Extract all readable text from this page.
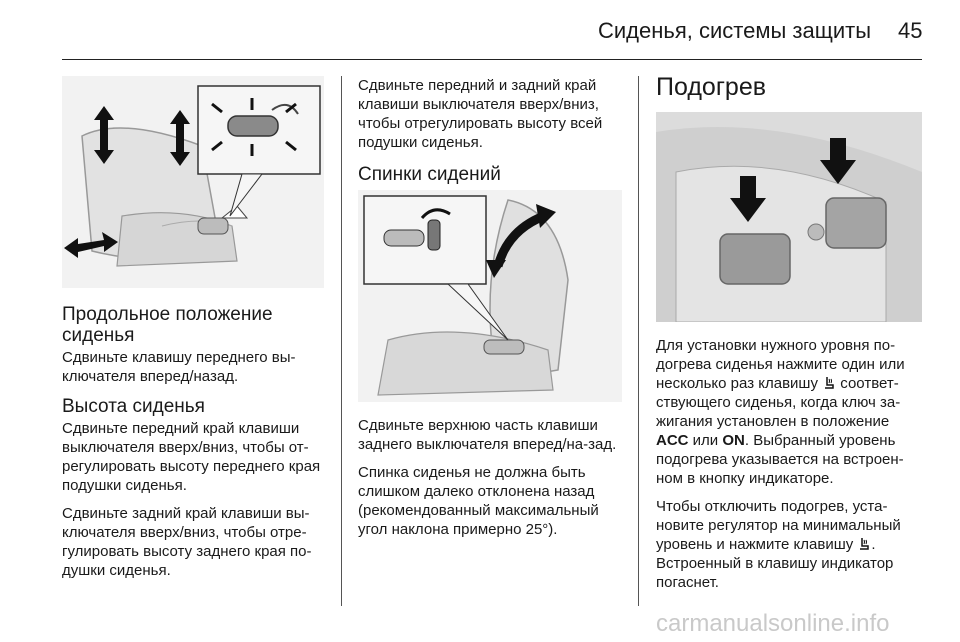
Сиденья, системы защиты 45
Продольное положение сиденья

Сдвиньте клавишу переднего вы-ключателя вперед/назад.

Высота сиденья

Сдвиньте передний край клавиши выключателя вверх/вниз, чтобы от-регулировать высоту переднего края подушки сиденья.

Сдвиньте задний край клавиши вы-ключателя вверх/вниз, чтобы отре-гулировать высоту заднего края по-душки сиденья.

Сдвиньте передний и задний край клавиши выключателя вверх/вниз, чтобы отрегулировать высоту всей подушки сиденья.

Спинки сидений

Сдвиньте верхнюю часть клавиши заднего выключателя вперед/на-зад.

Спинка сиденья не должна быть слишком далеко отклонена назад (рекомендованный максимальный угол наклона примерно 25°).

Подогрев

Для установки нужного уровня по-догрева сиденья нажмите один или несколько раз клавишу соответ-ствующего сиденья, когда ключ за-жигания установлен в положение ACC или ON. Выбранный уровень подогрева указывается на встроен-ном в кнопку индикаторе.

Чтобы отключить подогрев, уста-новите регулятор на минимальный уровень и нажмите клавишу . Встроенный в клавишу индикатор погаснет.

carmanualsonline.info
